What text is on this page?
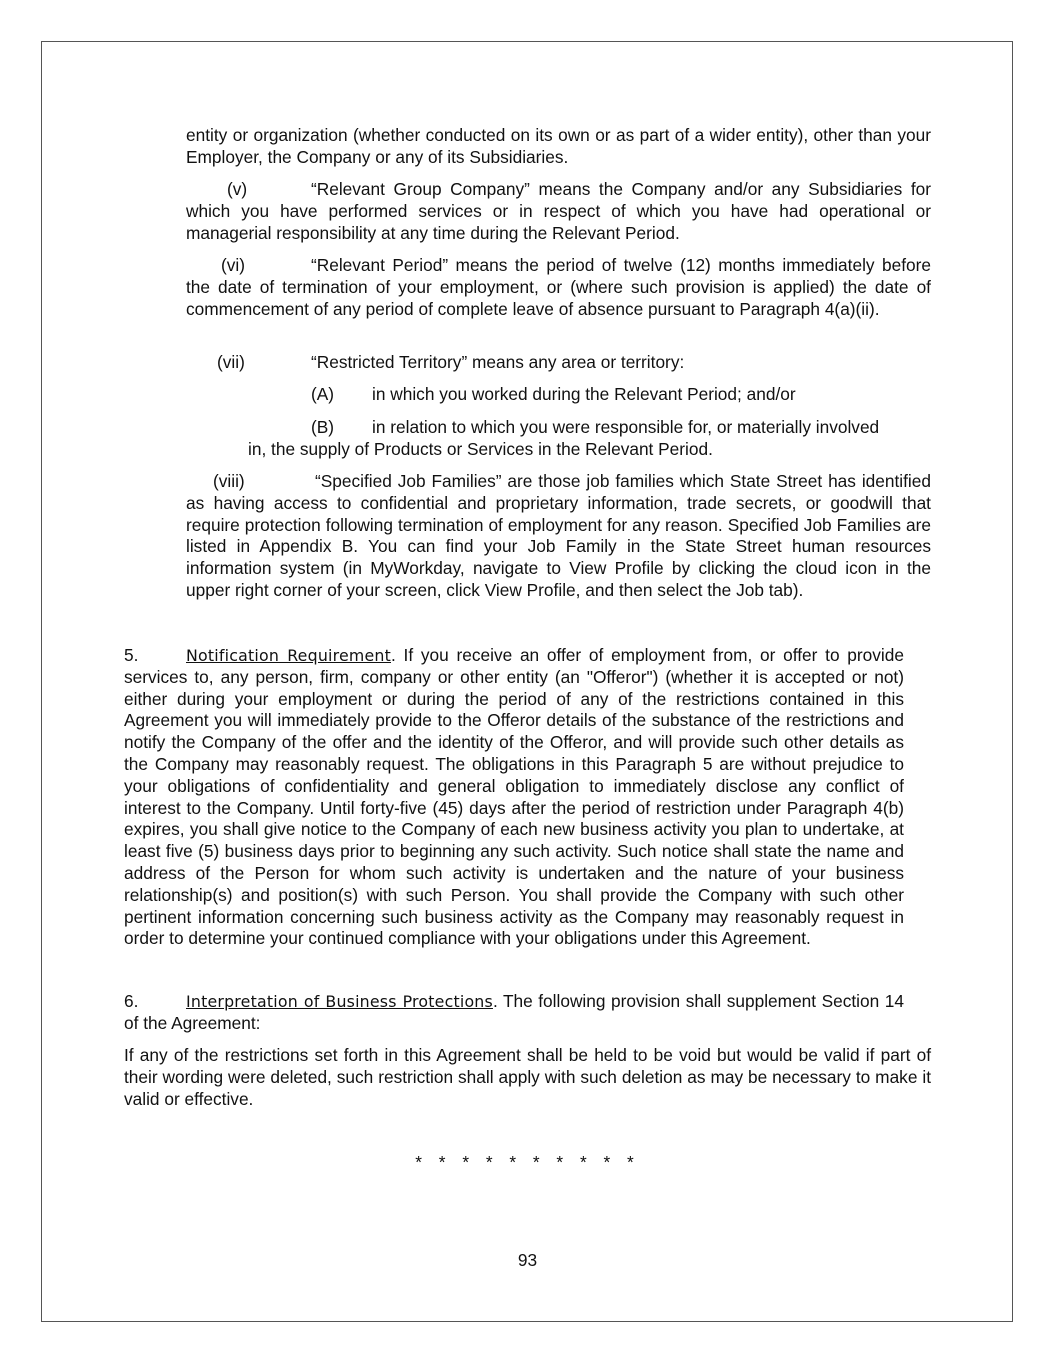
entity or organization (whether conducted on its own or as part of a wider entity), other than your Employer, the Company or any of its Subsidiaries.

(v)	“Relevant Group Company” means the Company and/or any Subsidiaries for which you have performed services or in respect of which you have had operational or managerial responsibility at any time during the Relevant Period.

(vi)	“Relevant Period” means the period of twelve (12) months immediately before the date of termination of your employment, or (where such provision is applied) the date of commencement of any period of complete leave of absence pursuant to Paragraph 4(a)(ii).

(vii)	“Restricted Territory” means any area or territory:

(A) in which you worked during the Relevant Period; and/or

(B) in relation to which you were responsible for, or materially involved

in, the supply of Products or Services in the Relevant Period.

(viii)	“Specified Job Families” are those job families which State Street has identified as having access to confidential and proprietary information, trade secrets, or goodwill that require protection following termination of employment for any reason. Specified Job Families are listed in Appendix B. You can find your Job Family in the State Street human resources information system (in MyWorkday, navigate to View Profile by clicking the cloud icon in the upper right corner of your screen, click View Profile, and then select the Job tab).

5.	Notification Requirement. If you receive an offer of employment from, or offer to provide services to, any person, firm, company or other entity (an "Offeror") (whether it is accepted or not) either during your employment or during the period of any of the restrictions contained in this Agreement you will immediately provide to the Offeror details of the substance of the restrictions and notify the Company of the offer and the identity of the Offeror, and will provide such other details as the Company may reasonably request. The obligations in this Paragraph 5 are without prejudice to your obligations of confidentiality and general obligation to immediately disclose any conflict of interest to the Company. Until forty-five (45) days after the period of restriction under Paragraph 4(b) expires, you shall give notice to the Company of each new business activity you plan to undertake, at least five (5) business days prior to beginning any such activity. Such notice shall state the name and address of the Person for whom such activity is undertaken and the nature of your business relationship(s) and position(s) with such Person. You shall provide the Company with such other pertinent information concerning such business activity as the Company may reasonably request in order to determine your continued compliance with your obligations under this Agreement.

6.	Interpretation of Business Protections. The following provision shall supplement Section 14 of the Agreement:

If any of the restrictions set forth in this Agreement shall be held to be void but would be valid if part of their wording were deleted, such restriction shall apply with such deletion as may be necessary to make it valid or effective.

* * * * * * * * * *
93
